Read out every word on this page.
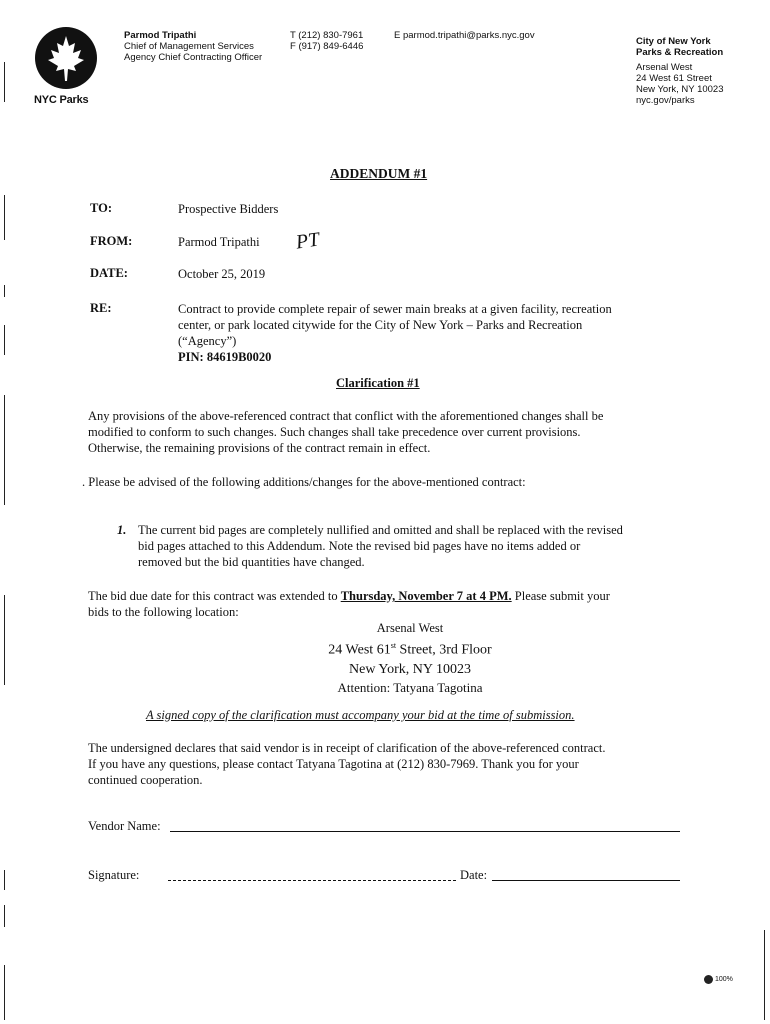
NYC Parks
Parmod Tripathi
Chief of Management Services
Agency Chief Contracting Officer
T (212) 830-7961
F (917) 849-6446
E parmod.tripathi@parks.nyc.gov
City of New York
Parks & Recreation
Arsenal West
24 West 61 Street
New York, NY 10023
nyc.gov/parks
ADDENDUM #1
TO:	Prospective Bidders
FROM:	Parmod Tripathi PT
DATE:	October 25, 2019
RE:	Contract to provide complete repair of sewer main breaks at a given facility, recreation
center, or park located citywide for the City of New York – Parks and Recreation
(“Agency”)
PIN: 84619B0020
Clarification #1
Any provisions of the above-referenced contract that conflict with the aforementioned changes shall be
modified to conform to such changes. Such changes shall take precedence over current provisions.
Otherwise, the remaining provisions of the contract remain in effect.
. Please be advised of the following additions/changes for the above-mentioned contract:
1. The current bid pages are completely nullified and omitted and shall be replaced with the revised
bid pages attached to this Addendum. Note the revised bid pages have no items added or
removed but the bid quantities have changed.
The bid due date for this contract was extended to Thursday, November 7 at 4 PM. Please submit your
bids to the following location:
Arsenal West
24 West 61st Street, 3rd Floor
New York, NY 10023
Attention: Tatyana Tagotina
A signed copy of the clarification must accompany your bid at the time of submission.
The undersigned declares that said vendor is in receipt of clarification of the above-referenced contract.
If you have any questions, please contact Tatyana Tagotina at (212) 830-7969. Thank you for your
continued cooperation.
Vendor Name:
Signature:	Date:
100%
